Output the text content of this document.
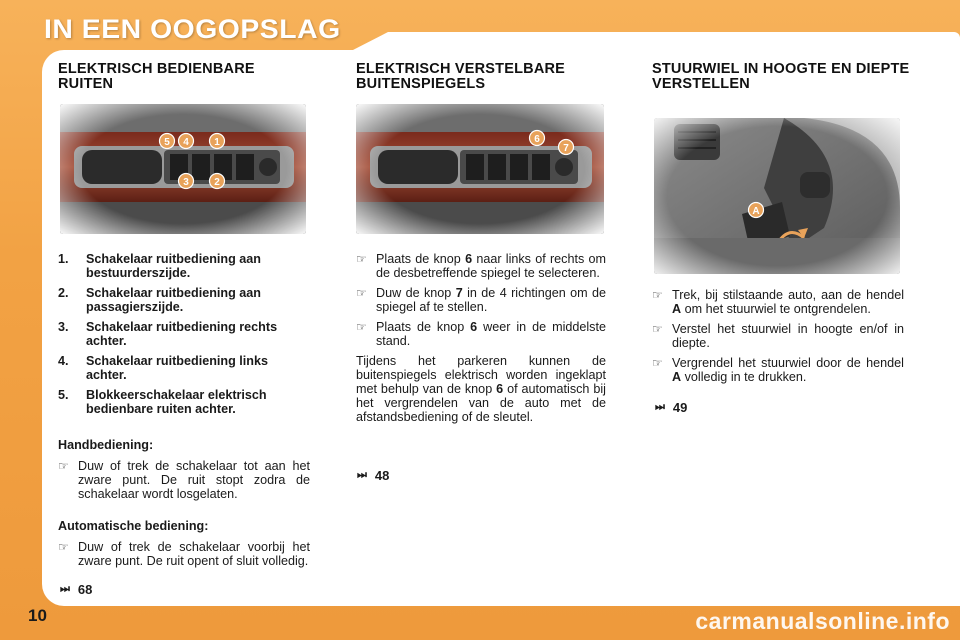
IN EEN OOGOPSLAG
ELEKTRISCH BEDIENBARE RUITEN
5 4	1
3	2
1.	Schakelaar ruitbediening aan bestuurderszijde.
2.	Schakelaar ruitbediening aan passagierszijde.
3.	Schakelaar ruitbediening rechts achter.
4.	Schakelaar ruitbediening links achter.
5.	Blokkeerschakelaar elektrisch bedienbare ruiten achter.
Handbediening:
☞ Duw of trek de schakelaar tot aan het zware punt. De ruit stopt zodra de schakelaar wordt losgelaten.
Automatische bediening:
☞ Duw of trek de schakelaar voorbij het zware punt. De ruit opent of sluit volledig.
⏭ 68
ELEKTRISCH VERSTELBARE BUITENSPIEGELS
6
7
☞ Plaats de knop 6 naar links of rechts om de desbetreffende spiegel te selecteren.
☞ Duw de knop 7 in de 4 richtingen om de spiegel af te stellen.
☞ Plaats de knop 6 weer in de middelste stand.

Tijdens het parkeren kunnen de buitenspiegels elektrisch worden ingeklapt met behulp van de knop 6 of automatisch bij het vergrendelen van de auto met de afstandsbediening of de sleutel.

⏭ 48
STUURWIEL IN HOOGTE EN DIEPTE VERSTELLEN
A
☞ Trek, bij stilstaande auto, aan de hendel A om het stuurwiel te ontgrendelen.
☞ Verstel het stuurwiel in hoogte en/of in diepte.
☞ Vergrendel het stuurwiel door de hendel A volledig in te drukken.
⏭ 49
10	carmanualsonline.info
